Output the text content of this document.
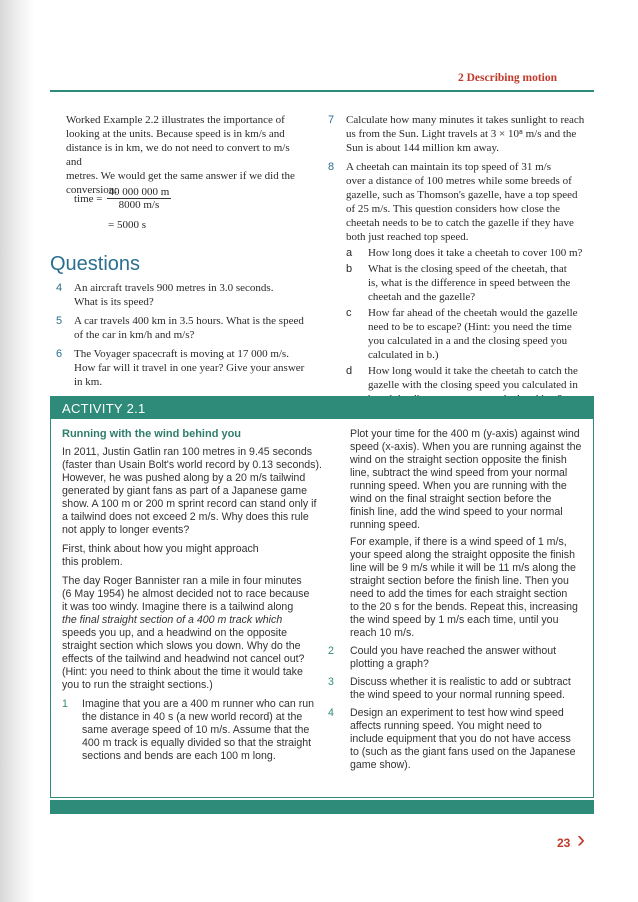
2 Describing motion
Worked Example 2.2 illustrates the importance of
looking at the units. Because speed is in km/s and
distance is in km, we do not need to convert to m/s and
metres. We would get the same answer if we did the
conversion:
time = $\frac{40 000 000 m}{8000 m/s}$
= 5000 s
Questions
4	An aircraft travels 900 metres in 3.0 seconds.
What is its speed?
5	A car travels 400 km in 3.5 hours. What is the speed
of the car in km/h and m/s?
6	The Voyager spacecraft is moving at 17 000 m/s.
How far will it travel in one year? Give your answer
in km.
7	Calculate how many minutes it takes sunlight to reach
us from the Sun. Light travels at 3 × 10⁸ m/s and the
Sun is about 144 million km away.
8	A cheetah can maintain its top speed of 31 m/s
over a distance of 100 metres while some breeds of
gazelle, such as Thomson's gazelle, have a top speed
of 25 m/s. This question considers how close the
cheetah needs to be to catch the gazelle if they have
both just reached top speed.
a	How long does it take a cheetah to cover 100 m?
b	What is the closing speed of the cheetah, that
is, what is the difference in speed between the
cheetah and the gazelle?
c	How far ahead of the cheetah would the gazelle
need to be to escape? (Hint: you need the time
you calculated in a and the closing speed you
calculated in b.)
d	How long would it take the cheetah to catch the
gazelle with the closing speed you calculated in
ACTIVITY 2.1
Running with the wind behind you
In 2011, Justin Gatlin ran 100 metres in 9.45 seconds
(faster than Usain Bolt's world record by 0.13 seconds).
However, he was pushed along by a 20 m/s tailwind
generated by giant fans as part of a Japanese game
show. A 100 m or 200 m sprint record can stand only if
a tailwind does not exceed 2 m/s. Why does this rule
not apply to longer events?
First, think about how you might approach
this problem.
The day Roger Bannister ran a mile in four minutes
(6 May 1954) he almost decided not to race because
it was too windy. Imagine there is a tailwind along
the final straight section of a 400 m track which
speeds you up, and a headwind on the opposite
straight section which slows you down. Why do the
effects of the tailwind and headwind not cancel out?
(Hint: you need to think about the time it would take
you to run the straight sections.)
1	Imagine that you are a 400 m runner who can run
the distance in 40 s (a new world record) at the
same average speed of 10 m/s. Assume that the
400 m track is equally divided so that the straight
sections and bends are each 100 m long.
Plot your time for the 400 m (y-axis) against wind
speed (x-axis). When you are running against the
wind on the straight section opposite the finish
line, subtract the wind speed from your normal
running speed. When you are running with the
wind on the final straight section before the
finish line, add the wind speed to your normal
running speed.
For example, if there is a wind speed of 1 m/s,
your speed along the straight opposite the finish
line will be 9 m/s while it will be 11 m/s along the
straight section before the finish line. Then you
need to add the times for each straight section
to the 20 s for the bends. Repeat this, increasing
the wind speed by 1 m/s each time, until you
reach 10 m/s.
2	Could you have reached the answer without
plotting a graph?
3	Discuss whether it is realistic to add or subtract
the wind speed to your normal running speed.
4	Design an experiment to test how wind speed
affects running speed. You might need to
include equipment that you do not have access
to (such as the giant fans used on the Japanese
game show).
23 ›
